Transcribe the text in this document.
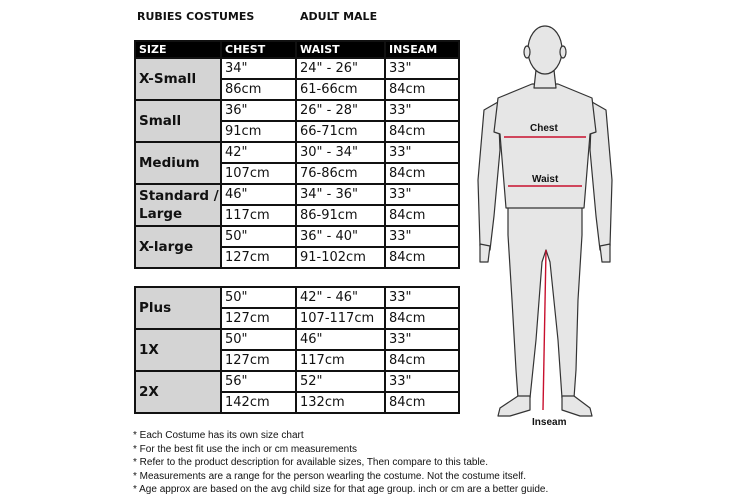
RUBIES COSTUMES	ADULT MALE
SIZE	CHEST	WAIST	INSEAM
X-Small	34"	24" - 26"	33"
	86cm	61-66cm	84cm
Small	36"	26" - 28"	33"
	91cm	66-71cm	84cm
Medium	42"	30" - 34"	33"
	107cm	76-86cm	84cm
Standard / Large	46"	34" - 36"	33"
	117cm	86-91cm	84cm
X-large	50"	36" - 40"	33"
	127cm	91-102cm	84cm
Plus	50"	42" - 46"	33"
	127cm	107-117cm	84cm
1X	50"	46"	33"
	127cm	117cm	84cm
2X	56"	52"	33"
	142cm	132cm	84cm
* Each Costume has its own size chart
* For the best fit use the inch or cm measurements
* Refer to the product description for available sizes, Then compare to this table.
* Measurements are a range for the person wearling the costume. Not the costume itself.
* Age approx are based on the avg child size for that age group. inch or cm are a better guide.
Chest
Waist
Inseam
